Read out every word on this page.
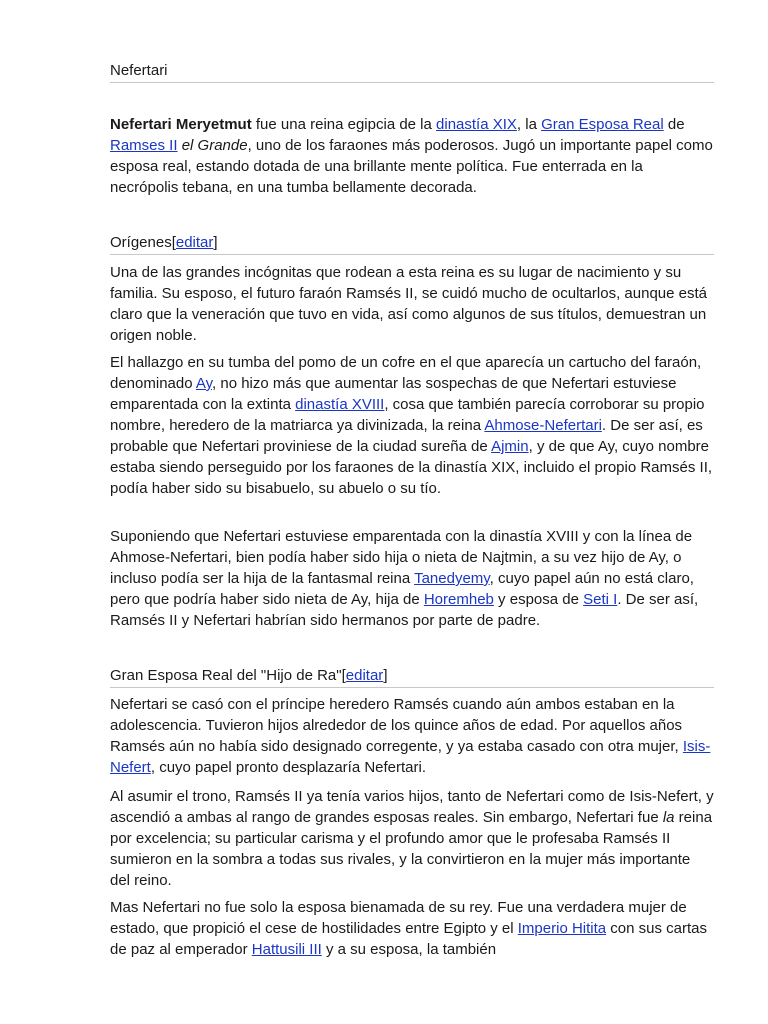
Nefertari

Nefertari Meryetmut fue una reina egipcia de la dinastía XIX, la Gran Esposa Real de Ramses II el Grande, uno de los faraones más poderosos. Jugó un importante papel como esposa real, estando dotada de una brillante mente política. Fue enterrada en la necrópolis tebana, en una tumba bellamente decorada.

Orígenes[editar]

Una de las grandes incógnitas que rodean a esta reina es su lugar de nacimiento y su familia. Su esposo, el futuro faraón Ramsés II, se cuidó mucho de ocultarlos, aunque está claro que la veneración que tuvo en vida, así como algunos de sus títulos, demuestran un origen noble.

El hallazgo en su tumba del pomo de un cofre en el que aparecía un cartucho del faraón, denominado Ay, no hizo más que aumentar las sospechas de que Nefertari estuviese emparentada con la extinta dinastía XVIII, cosa que también parecía corroborar su propio nombre, heredero de la matriarca ya divinizada, la reina Ahmose-Nefertari. De ser así, es probable que Nefertari proviniese de la ciudad sureña de Ajmin, y de que Ay, cuyo nombre estaba siendo perseguido por los faraones de la dinastía XIX, incluido el propio Ramsés II, podía haber sido su bisabuelo, su abuelo o su tío.

Suponiendo que Nefertari estuviese emparentada con la dinastía XVIII y con la línea de Ahmose-Nefertari, bien podía haber sido hija o nieta de Najtmin, a su vez hijo de Ay, o incluso podía ser la hija de la fantasmal reina Tanedyemy, cuyo papel aún no está claro, pero que podría haber sido nieta de Ay, hija de Horemheb y esposa de Seti I. De ser así, Ramsés II y Nefertari habrían sido hermanos por parte de padre.

Gran Esposa Real del "Hijo de Ra"[editar]

Nefertari se casó con el príncipe heredero Ramsés cuando aún ambos estaban en la adolescencia. Tuvieron hijos alrededor de los quince años de edad. Por aquellos años Ramsés aún no había sido designado corregente, y ya estaba casado con otra mujer, Isis-Nefert, cuyo papel pronto desplazaría Nefertari.

Al asumir el trono, Ramsés II ya tenía varios hijos, tanto de Nefertari como de Isis-Nefert, y ascendió a ambas al rango de grandes esposas reales. Sin embargo, Nefertari fue la reina por excelencia; su particular carisma y el profundo amor que le profesaba Ramsés II sumieron en la sombra a todas sus rivales, y la convirtieron en la mujer más importante del reino.

Mas Nefertari no fue solo la esposa bienamada de su rey. Fue una verdadera mujer de estado, que propició el cese de hostilidades entre Egipto y el Imperio Hitita con sus cartas de paz al emperador Hattusili III y a su esposa, la también
